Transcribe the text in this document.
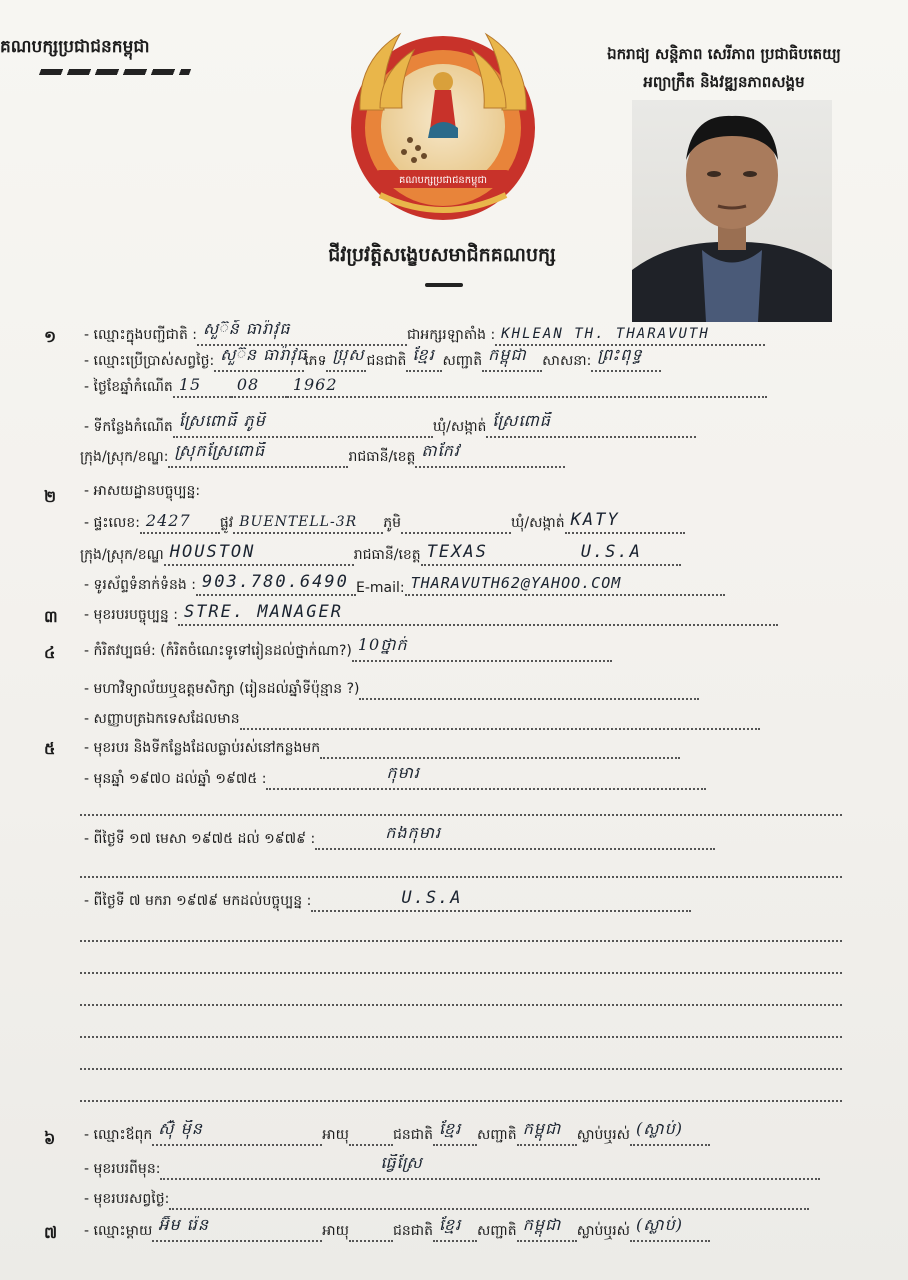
គណបក្សប្រជាជនកម្ពុជា	ឯករាជ្យ សន្តិភាព សេរីភាព ប្រជាធិបតេយ្យ
អព្យាក្រឹត និងវឌ្ឍនភាពសង្គម
គណបក្សប្រជាជនកម្ពុជា
ជីវប្រវត្តិសង្ខេបសមាជិកគណបក្ស
១ - ឈ្មោះក្នុងបញ្ជីជាតិ : សួ៊ន៍ ធារ៉ាវុធ	ជាអក្សរឡាតាំង : KHLEAN TH. THARAVUTH
- ឈ្មោះប្រើប្រាស់សព្វថ្ងៃ: សួ៊ន ធារ៉ាវុធ
ភេទ ប្រុស ជនជាតិ ខ្មែរ សញ្ជាតិ កម្ពុជា សាសនា: ព្រះពុទ្ធ
- ថ្ងៃខែឆ្នាំកំណើត 15 08 1962
- ទីកន្លែងកំណើត ស្រែពោធិ៍ ភូមិ	ឃុំ/សង្កាត់ ស្រែពោធិ៍
ក្រុង/ស្រុក/ខណ្ឌ: ស្រុកស្រែពោធិ៍	រាជធានី/ខេត្ត តាកែវ
២ - អាសយដ្ឋានបច្ចុប្បន្ន:
- ផ្ទះលេខ: 2427 ផ្លូវ BUENTELL-3R ភូមិ	ឃុំ/សង្កាត់ KATY
ក្រុង/ស្រុក/ខណ្ឌ HOUSTON	រាជធានី/ខេត្ត TEXAS	U.S.A
- ទូរស័ព្ទទំនាក់ទំនង : 903.780.6490 E-mail: THARAVUTH62@YAHOO.COM
៣ - មុខរបរបច្ចុប្បន្ន : STRE. MANAGER
៤ - កំរិតវប្បធម៌: (កំរិតចំណេះទូទៅរៀនដល់ថ្នាក់ណា?) 10ថ្នាក់
- មហាវិទ្យាល័យឬឧត្តមសិក្សា (រៀនដល់ឆ្នាំទីប៉ុន្មាន ?)
- សញ្ញាបត្រឯកទេសដែលមាន
៥ - មុខរបរ និងទីកន្លែងដែលធ្លាប់រស់នៅកន្លងមក
- មុនឆ្នាំ ១៩៧០ ដល់ឆ្នាំ ១៩៧៥ :	កុមារ
- ពីថ្ងៃទី ១៧ មេសា ១៩៧៥ ដល់ ១៩៧៩ :	កងកុមារ
- ពីថ្ងៃទី ៧ មករា ១៩៧៩ មកដល់បច្ចុប្បន្ន :	U.S.A
៦ - ឈ្មោះឪពុក ស៊ុំ ម៉ឺន	អាយុ	ជនជាតិ ខ្មែរ សញ្ជាតិ កម្ពុជា ស្លាប់ឬរស់ (ស្លាប់)
- មុខរបរពីមុន:	ធ្វើស្រែ
- មុខរបរសព្វថ្ងៃ:
៧ - ឈ្មោះម្ដាយ អ៊ឹម រ៉េន	អាយុ	ជនជាតិ ខ្មែរ សញ្ជាតិ កម្ពុជា ស្លាប់ឬរស់ (ស្លាប់)
